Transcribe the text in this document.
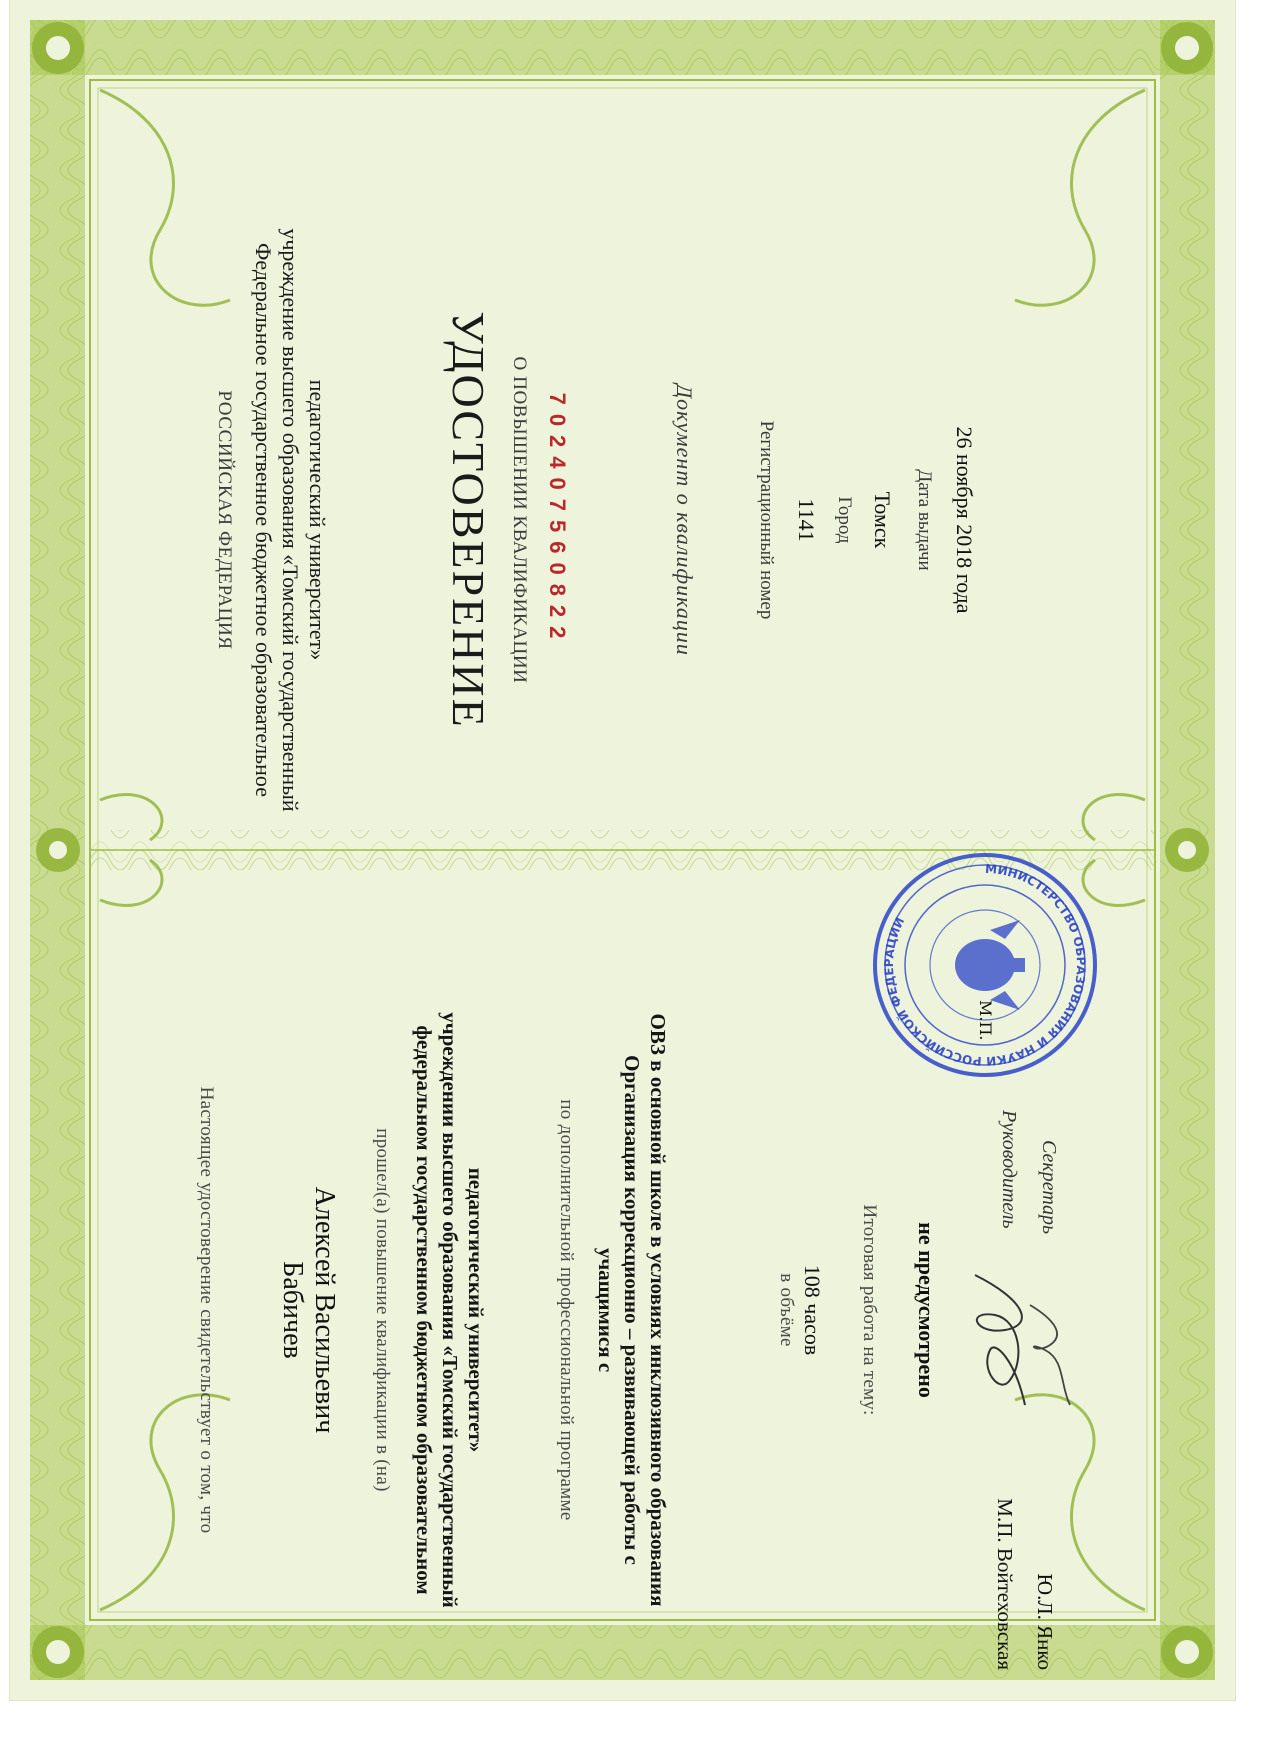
РОССИЙСКАЯ ФЕДЕРАЦИЯ Федеральное государственное бюджетное образовательное учреждение высшего образования «Томский государственный педагогический университет» УДОСТОВЕРЕНИЕ О ПОВЫШЕНИИ КВАЛИФИКАЦИИ 702407560822	Документ о квалификации	Регистрационный номер 1141 Город Томск Дата выдачи 26 ноября 2018 года
Настоящее удостоверение свидетельствует о том, что Бабичев Алексей Васильевич прошел(а) повышение квалификации в (на) федеральном государственном бюджетном образовательном учреждении высшего образования «Томский государственный педагогический университет»	по дополнительной профессиональной программе	Организация коррекционно – развивающей работы с учащимися с	ОВЗ в основной школе в условиях инклюзивного образования	в объёме 108 часов Итоговая работа на тему: не предусмотрено
Руководитель
М.П. Войтеховская
Секретарь
Ю.Л. Янко
МИНИСТЕРСТВО ОБРАЗОВАНИЯ И НАУКИ РОССИЙСКОЙ ФЕДЕРАЦИИ
М.П.
